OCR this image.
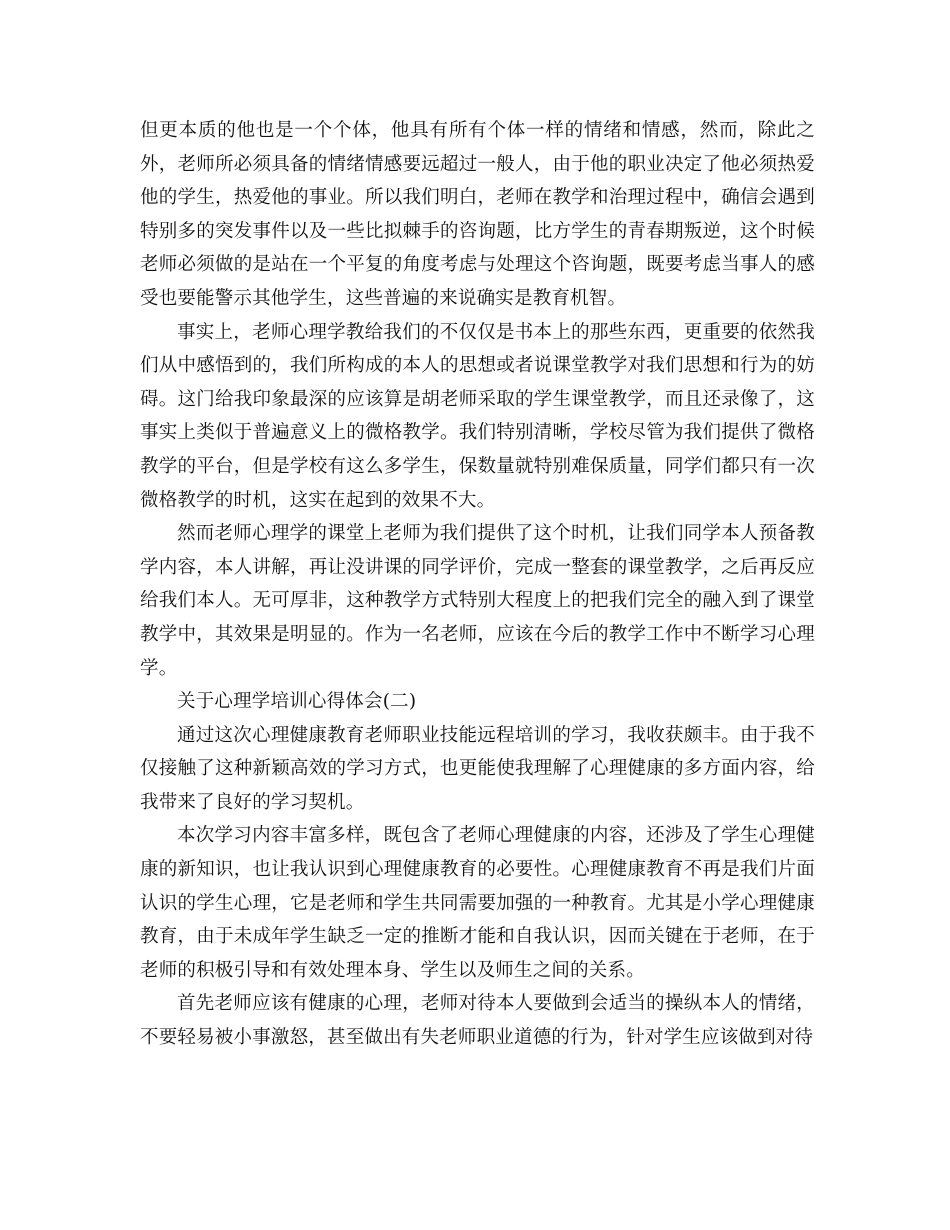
但更本质的他也是一个个体，他具有所有个体一样的情绪和情感，然而，除此之外，老师所必须具备的情绪情感要远超过一般人，由于他的职业决定了他必须热爱他的学生，热爱他的事业。所以我们明白，老师在教学和治理过程中，确信会遇到特别多的突发事件以及一些比拟棘手的咨询题，比方学生的青春期叛逆，这个时候老师必须做的是站在一个平复的角度考虑与处理这个咨询题，既要考虑当事人的感受也要能警示其他学生，这些普遍的来说确实是教育机智。

事实上，老师心理学教给我们的不仅仅是书本上的那些东西，更重要的依然我们从中感悟到的，我们所构成的本人的思想或者说课堂教学对我们思想和行为的妨碍。这门给我印象最深的应该算是胡老师采取的学生课堂教学，而且还录像了，这事实上类似于普遍意义上的微格教学。我们特别清晰，学校尽管为我们提供了微格教学的平台，但是学校有这么多学生，保数量就特别难保质量，同学们都只有一次微格教学的时机，这实在起到的效果不大。

然而老师心理学的课堂上老师为我们提供了这个时机，让我们同学本人预备教学内容，本人讲解，再让没讲课的同学评价，完成一整套的课堂教学，之后再反应给我们本人。无可厚非，这种教学方式特别大程度上的把我们完全的融入到了课堂教学中，其效果是明显的。作为一名老师，应该在今后的教学工作中不断学习心理学。

关于心理学培训心得体会(二)

通过这次心理健康教育老师职业技能远程培训的学习，我收获颇丰。由于我不仅接触了这种新颖高效的学习方式，也更能使我理解了心理健康的多方面内容，给我带来了良好的学习契机。

本次学习内容丰富多样，既包含了老师心理健康的内容，还涉及了学生心理健康的新知识，也让我认识到心理健康教育的必要性。心理健康教育不再是我们片面认识的学生心理，它是老师和学生共同需要加强的一种教育。尤其是小学心理健康教育，由于未成年学生缺乏一定的推断才能和自我认识，因而关键在于老师，在于老师的积极引导和有效处理本身、学生以及师生之间的关系。

首先老师应该有健康的心理，老师对待本人要做到会适当的操纵本人的情绪，不要轻易被小事激怒，甚至做出有失老师职业道德的行为，针对学生应该做到对待
